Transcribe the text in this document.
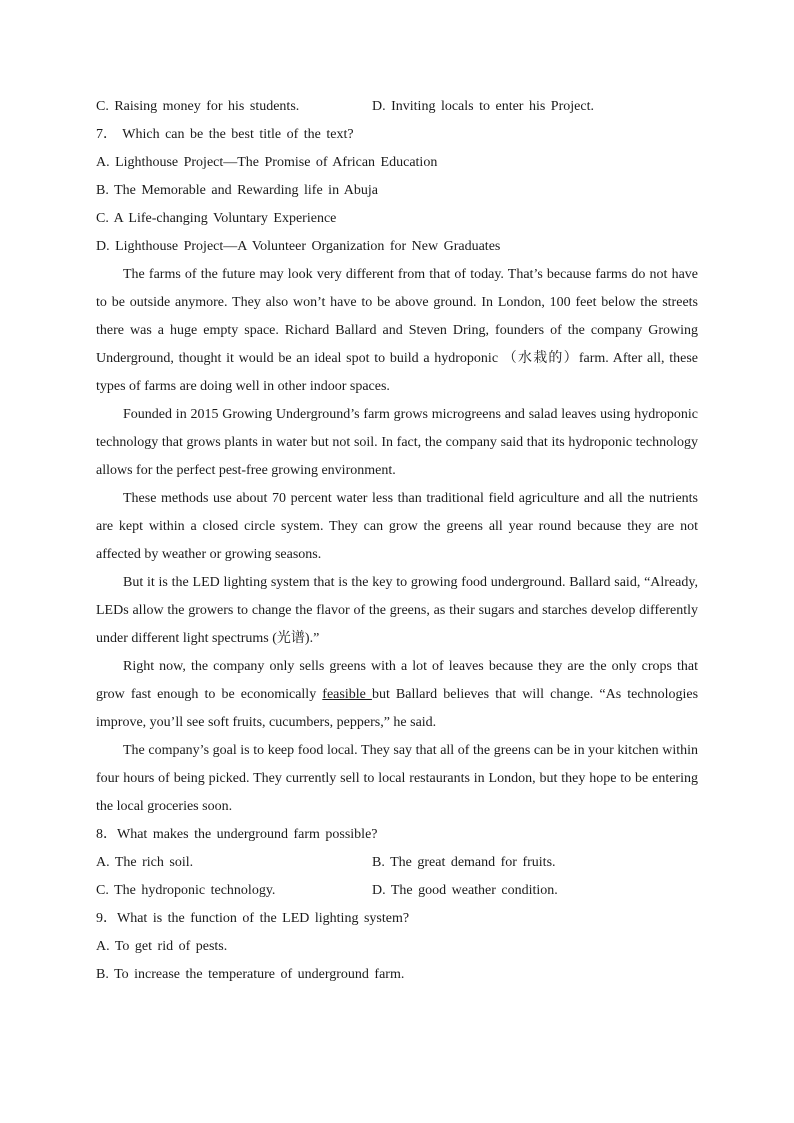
C. Raising money for his students.	D. Inviting locals to enter his Project.
7． Which can be the best title of the text?
A. Lighthouse Project—The Promise of African Education
B. The Memorable and Rewarding life in Abuja
C. A Life-changing Voluntary Experience
D. Lighthouse Project—A Volunteer Organization for New Graduates

The farms of the future may look very different from that of today. That’s because farms do not have to be outside anymore. They also won’t have to be above ground. In London, 100 feet below the streets there was a huge empty space. Richard Ballard and Steven Dring, founders of the company Growing Underground, thought it would be an ideal spot to build a hydroponic （水栽的）farm. After all, these types of farms are doing well in other indoor spaces.

Founded in 2015 Growing Underground’s farm grows microgreens and salad leaves using hydroponic technology that grows plants in water but not soil. In fact, the company said that its hydroponic technology allows for the perfect pest-free growing environment.

These methods use about 70 percent water less than traditional field agriculture and all the nutrients are kept within a closed circle system. They can grow the greens all year round because they are not affected by weather or growing seasons.

But it is the LED lighting system that is the key to growing food underground. Ballard said, “Already, LEDs allow the growers to change the flavor of the greens, as their sugars and starches develop differently under different light spectrums (光谱).”

Right now, the company only sells greens with a lot of leaves because they are the only crops that grow fast enough to be economically feasible but Ballard believes that will change. “As technologies improve, you’ll see soft fruits, cucumbers, peppers,” he said.

The company’s goal is to keep food local. They say that all of the greens can be in your kitchen within four hours of being picked. They currently sell to local restaurants in London, but they hope to be entering the local groceries soon.

8．What makes the underground farm possible?
A. The rich soil.	B. The great demand for fruits.
C. The hydroponic technology.	D. The good weather condition.
9．What is the function of the LED lighting system?
A. To get rid of pests.
B. To increase the temperature of underground farm.
